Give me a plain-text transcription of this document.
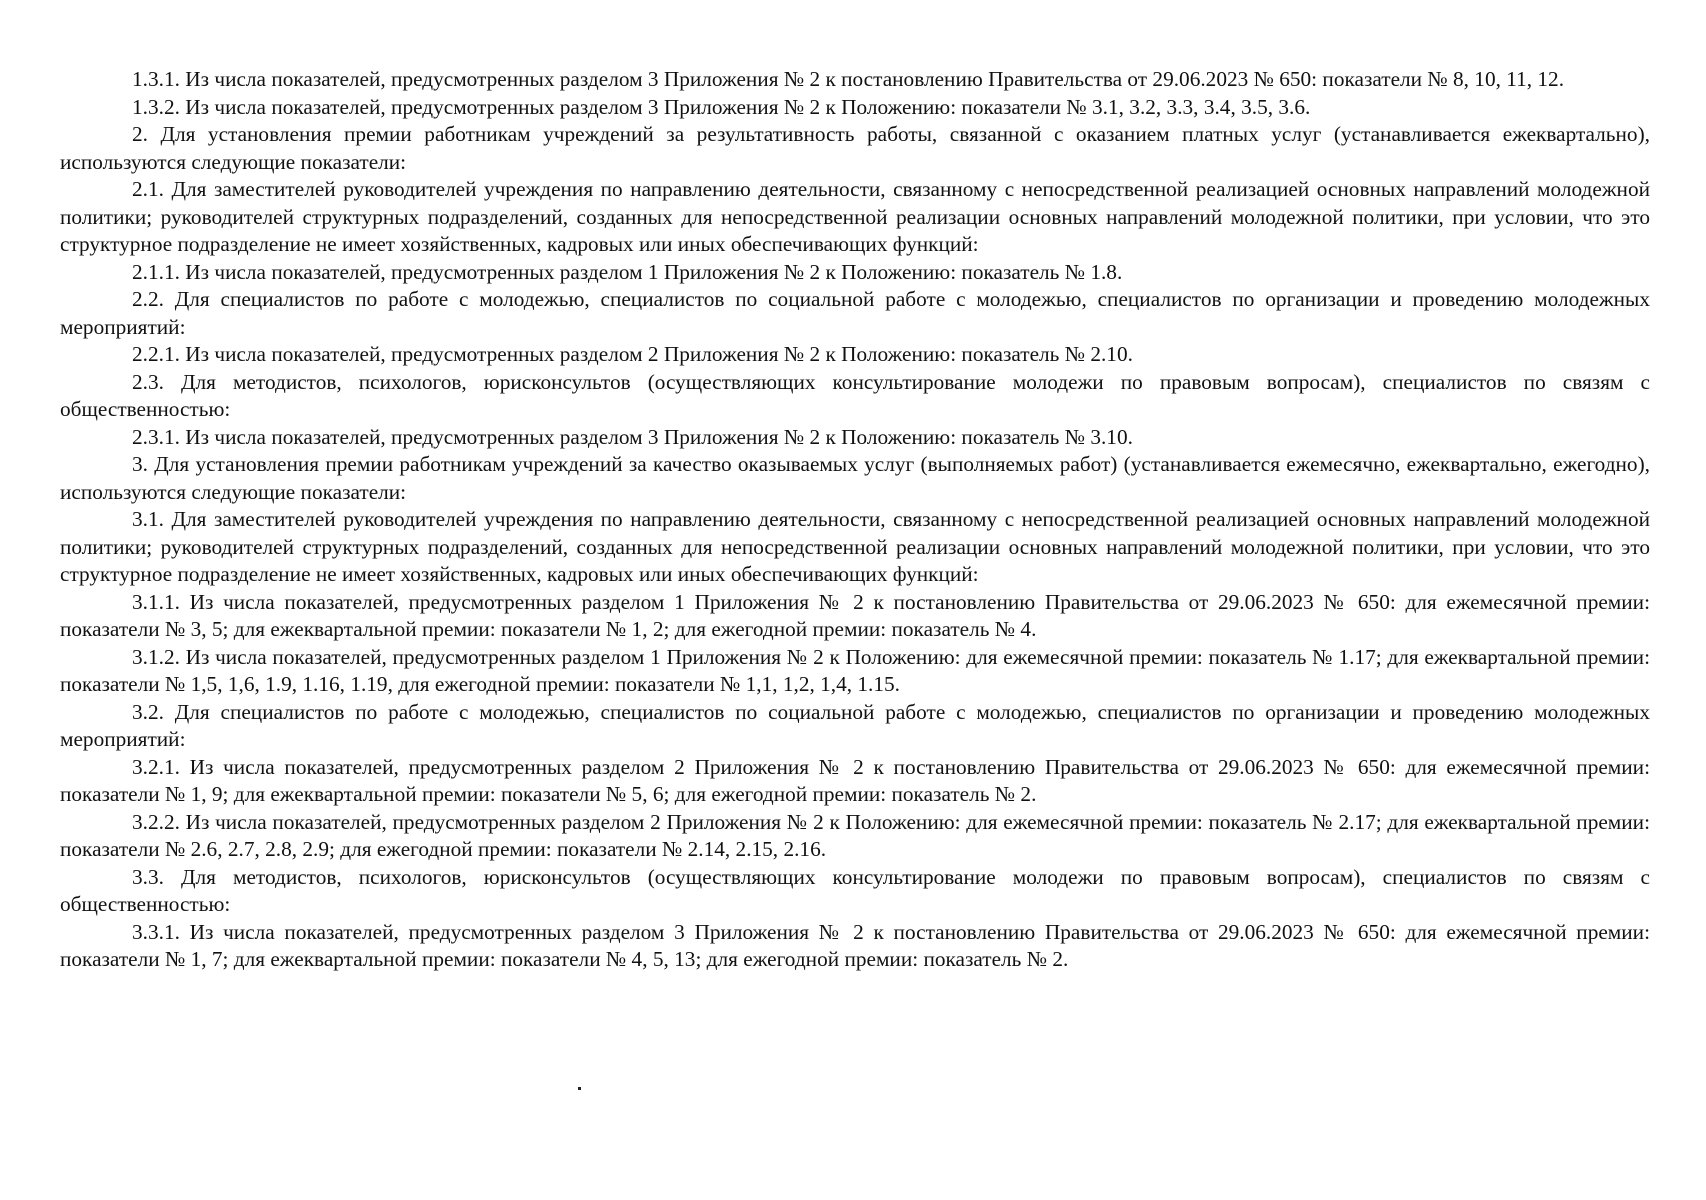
1.3.1. Из числа показателей, предусмотренных разделом 3 Приложения № 2 к постановлению Правительства от 29.06.2023 № 650: показатели № 8, 10, 11, 12.

1.3.2. Из числа показателей, предусмотренных разделом 3 Приложения № 2 к Положению: показатели № 3.1, 3.2, 3.3, 3.4, 3.5, 3.6.

2. Для установления премии работникам учреждений за результативность работы, связанной с оказанием платных услуг (устанавливается ежеквартально), используются следующие показатели:

2.1. Для заместителей руководителей учреждения по направлению деятельности, связанному с непосредственной реализацией основных направлений молодежной политики; руководителей структурных подразделений, созданных для непосредственной реализации основных направлений молодежной политики, при условии, что это структурное подразделение не имеет хозяйственных, кадровых или иных обеспечивающих функций:

2.1.1. Из числа показателей, предусмотренных разделом 1 Приложения № 2 к Положению: показатель № 1.8.

2.2. Для специалистов по работе с молодежью, специалистов по социальной работе с молодежью, специалистов по организации и проведению молодежных мероприятий:

2.2.1. Из числа показателей, предусмотренных разделом 2 Приложения № 2 к Положению: показатель № 2.10.

2.3. Для методистов, психологов, юрисконсультов (осуществляющих консультирование молодежи по правовым вопросам), специалистов по связям с общественностью:

2.3.1. Из числа показателей, предусмотренных разделом 3 Приложения № 2 к Положению: показатель № 3.10.

3. Для установления премии работникам учреждений за качество оказываемых услуг (выполняемых работ) (устанавливается ежемесячно, ежеквартально, ежегодно), используются следующие показатели:

3.1. Для заместителей руководителей учреждения по направлению деятельности, связанному с непосредственной реализацией основных направлений молодежной политики; руководителей структурных подразделений, созданных для непосредственной реализации основных направлений молодежной политики, при условии, что это структурное подразделение не имеет хозяйственных, кадровых или иных обеспечивающих функций:

3.1.1. Из числа показателей, предусмотренных разделом 1 Приложения № 2 к постановлению Правительства от 29.06.2023 № 650: для ежемесячной премии: показатели № 3, 5; для ежеквартальной премии: показатели № 1, 2; для ежегодной премии: показатель № 4.

3.1.2. Из числа показателей, предусмотренных разделом 1 Приложения № 2 к Положению: для ежемесячной премии: показатель № 1.17; для ежеквартальной премии: показатели № 1,5, 1,6, 1.9, 1.16, 1.19, для ежегодной премии: показатели № 1,1, 1,2, 1,4, 1.15.

3.2. Для специалистов по работе с молодежью, специалистов по социальной работе с молодежью, специалистов по организации и проведению молодежных мероприятий:

3.2.1. Из числа показателей, предусмотренных разделом 2 Приложения № 2 к постановлению Правительства от 29.06.2023 № 650: для ежемесячной премии: показатели № 1, 9; для ежеквартальной премии: показатели № 5, 6; для ежегодной премии: показатель № 2.

3.2.2. Из числа показателей, предусмотренных разделом 2 Приложения № 2 к Положению: для ежемесячной премии: показатель № 2.17; для ежеквартальной премии: показатели № 2.6, 2.7, 2.8, 2.9; для ежегодной премии: показатели № 2.14, 2.15, 2.16.

3.3. Для методистов, психологов, юрисконсультов (осуществляющих консультирование молодежи по правовым вопросам), специалистов по связям с общественностью:

3.3.1. Из числа показателей, предусмотренных разделом 3 Приложения № 2 к постановлению Правительства от 29.06.2023 № 650: для ежемесячной премии: показатели № 1, 7; для ежеквартальной премии: показатели № 4, 5, 13; для ежегодной премии: показатель № 2.
